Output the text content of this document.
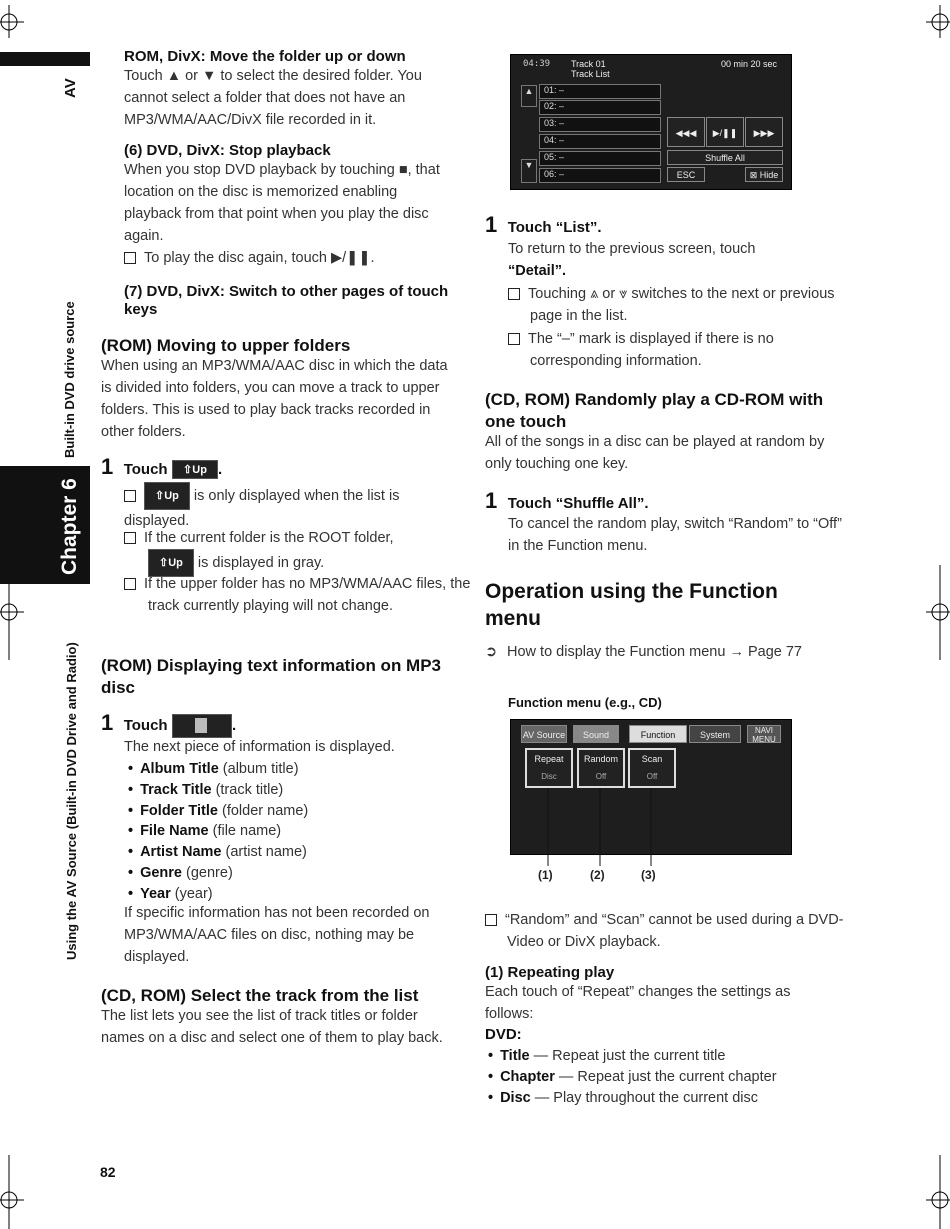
AV
Built-in DVD drive source
Chapter 6
Using the AV Source (Built-in DVD Drive and Radio)
ROM, DivX: Move the folder up or down
Touch ▲ or ▼ to select the desired folder. You cannot select a folder that does not have an MP3/WMA/AAC/DivX file recorded in it.
(6) DVD, DivX: Stop playback
When you stop DVD playback by touching ■, that location on the disc is memorized enabling playback from that point when you play the disc again.
To play the disc again, touch ▶/❚❚.
(7) DVD, DivX: Switch to other pages of touch keys
(ROM) Moving to upper folders
When using an MP3/WMA/AAC disc in which the data is divided into folders, you can move a track to upper folders. This is used to play back tracks recorded in other folders.
1 Touch ⇧Up .
⇧Up is only displayed when the list is displayed.
If the current folder is the ROOT folder,
⇧Up is displayed in gray.
If the upper folder has no MP3/WMA/AAC files, the track currently playing will not change.
(ROM) Displaying text information on MP3 disc
1 Touch	.
The next piece of information is displayed.
• Album Title (album title)
• Track Title (track title)
• Folder Title (folder name)
• File Name (file name)
• Artist Name (artist name)
• Genre (genre)
• Year (year)
If specific information has not been recorded on MP3/WMA/AAC files on disc, nothing may be displayed.
(CD, ROM) Select the track from the list
The list lets you see the list of track titles or folder names on a disc and select one of them to play back.
82
04:39 Track 01
Track List
00 min 20 sec
▲
▼
01: –
02: –
03: –
04: –
05: –
06: –
◀◀◀	▶/❚❚	▶▶▶
Shuffle All
ESC	⊠ Hide
1 Touch “List”.
To return to the previous screen, touch
“Detail”.
Touching ⩓ or ⩔ switches to the next or previous page in the list.
The “–” mark is displayed if there is no corresponding information.
(CD, ROM) Randomly play a CD-ROM with one touch
All of the songs in a disc can be played at random by only touching one key.
1 Touch “Shuffle All”.
To cancel the random play, switch “Random” to “Off” in the Function menu.
Operation using the Function menu
➲ How to display the Function menu → Page 77
Function menu (e.g., CD)
AV Source	Sound	Function	System	NAVI MENU
Repeat
Disc
Random
Off
Scan
Off
(1)	(2)	(3)
“Random” and “Scan” cannot be used during a DVD-Video or DivX playback.
(1) Repeating play
Each touch of “Repeat” changes the settings as follows:
DVD:
• Title — Repeat just the current title
• Chapter — Repeat just the current chapter
• Disc — Play throughout the current disc
